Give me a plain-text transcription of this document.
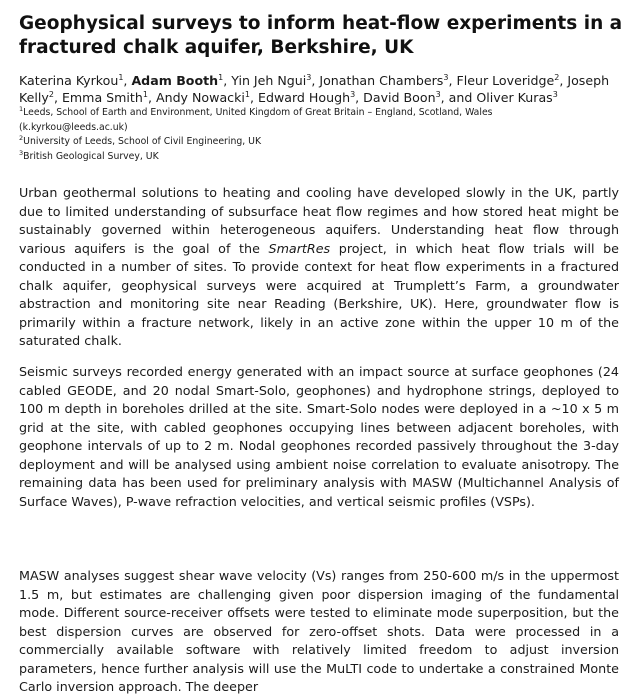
Geophysical surveys to inform heat-flow experiments in a fractured chalk aquifer, Berkshire, UK

Katerina Kyrkou$^1$, Adam Booth$^1$, Yin Jeh Ngui$^3$, Jonathan Chambers$^3$, Fleur Loveridge$^2$, Joseph Kelly$^2$, Emma Smith$^1$, Andy Nowacki$^1$, Edward Hough$^3$, David Boon$^3$, and Oliver Kuras$^3$

$^1$Leeds, School of Earth and Environment, United Kingdom of Great Britain – England, Scotland, Wales
(k.kyrkou@leeds.ac.uk)
$^2$University of Leeds, School of Civil Engineering, UK
$^3$British Geological Survey, UK

Urban geothermal solutions to heating and cooling have developed slowly in the UK, partly due to limited understanding of subsurface heat flow regimes and how stored heat might be sustainably governed within heterogeneous aquifers. Understanding heat flow through various aquifers is the goal of the SmartRes project, in which heat flow trials will be conducted in a number of sites. To provide context for heat flow experiments in a fractured chalk aquifer, geophysical surveys were acquired at Trumplett’s Farm, a groundwater abstraction and monitoring site near Reading (Berkshire, UK). Here, groundwater flow is primarily within a fracture network, likely in an active zone within the upper 10 m of the saturated chalk.

Seismic surveys recorded energy generated with an impact source at surface geophones (24 cabled GEODE, and 20 nodal Smart-Solo, geophones) and hydrophone strings, deployed to 100 m depth in boreholes drilled at the site. Smart-Solo nodes were deployed in a ~10 x 5 m grid at the site, with cabled geophones occupying lines between adjacent boreholes, with geophone intervals of up to 2 m. Nodal geophones recorded passively throughout the 3-day deployment and will be analysed using ambient noise correlation to evaluate anisotropy. The remaining data has been used for preliminary analysis with MASW (Multichannel Analysis of Surface Waves), P-wave refraction velocities, and vertical seismic profiles (VSPs).

MASW analyses suggest shear wave velocity (Vs) ranges from 250-600 m/s in the uppermost 1.5 m, but estimates are challenging given poor dispersion imaging of the fundamental mode. Different source-receiver offsets were tested to eliminate mode superposition, but the best dispersion curves are observed for zero-offset shots. Data were processed in a commercially available software with relatively limited freedom to adjust inversion parameters, hence further analysis will use the MuLTI code to undertake a constrained Monte Carlo inversion approach. The deeper
